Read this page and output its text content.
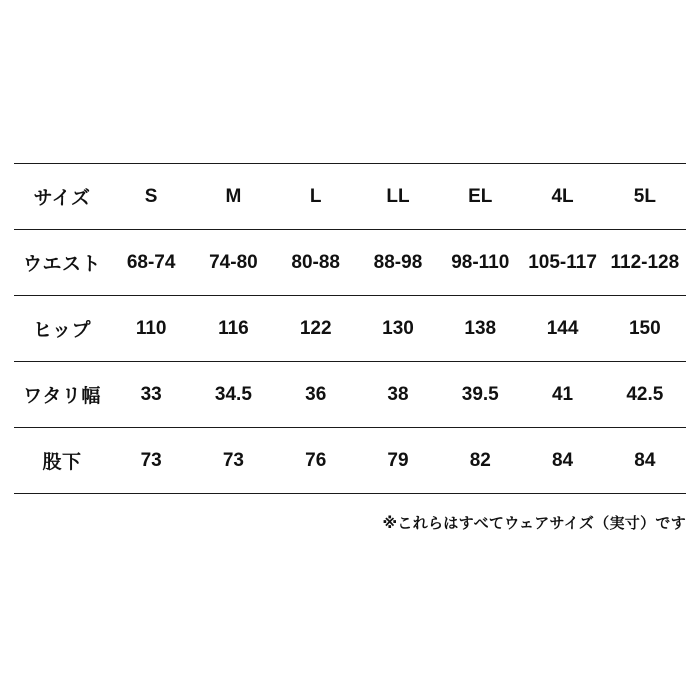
サイズ	S	M	L	LL	EL	4L	5L
ウエスト	68-74	74-80	80-88	88-98	98-110	105-117	112-128
ヒップ	110	116	122	130	138	144	150
ワタリ幅	33	34.5	36	38	39.5	41	42.5
股下	73	73	76	79	82	84	84
※これらはすべてウェアサイズ（実寸）です
